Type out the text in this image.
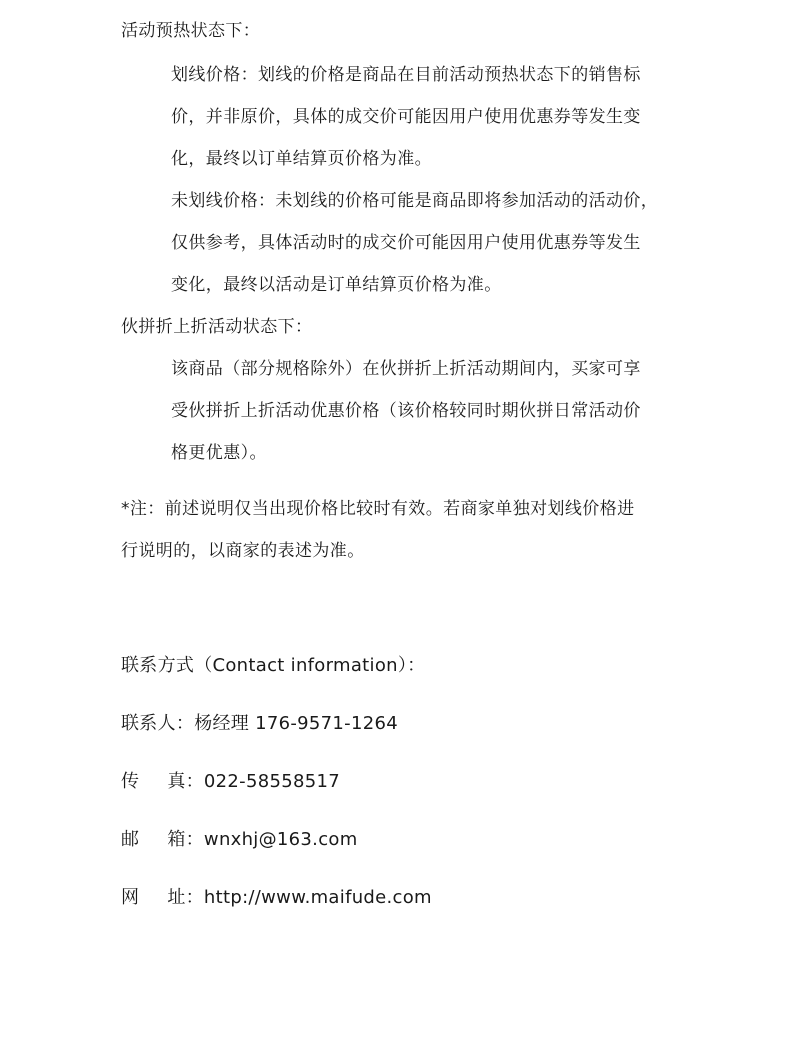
活动预热状态下：
划线价格：划线的价格是商品在目前活动预热状态下的销售标
价，并非原价，具体的成交价可能因用户使用优惠券等发生变
化，最终以订单结算页价格为准。
未划线价格：未划线的价格可能是商品即将参加活动的活动价，
仅供参考，具体活动时的成交价可能因用户使用优惠券等发生
变化，最终以活动是订单结算页价格为准。
伙拼折上折活动状态下：
该商品（部分规格除外）在伙拼折上折活动期间内，买家可享
受伙拼折上折活动优惠价格（该价格较同时期伙拼日常活动价
格更优惠）。
*注：前述说明仅当出现价格比较时有效。若商家单独对划线价格进
行说明的，以商家的表述为准。
联系方式（Contact information）：
联系人：杨经理 176-9571-1264
传 真：022-58558517
邮 箱：wnxhj@163.com
网 址：http://www.maifude.com
